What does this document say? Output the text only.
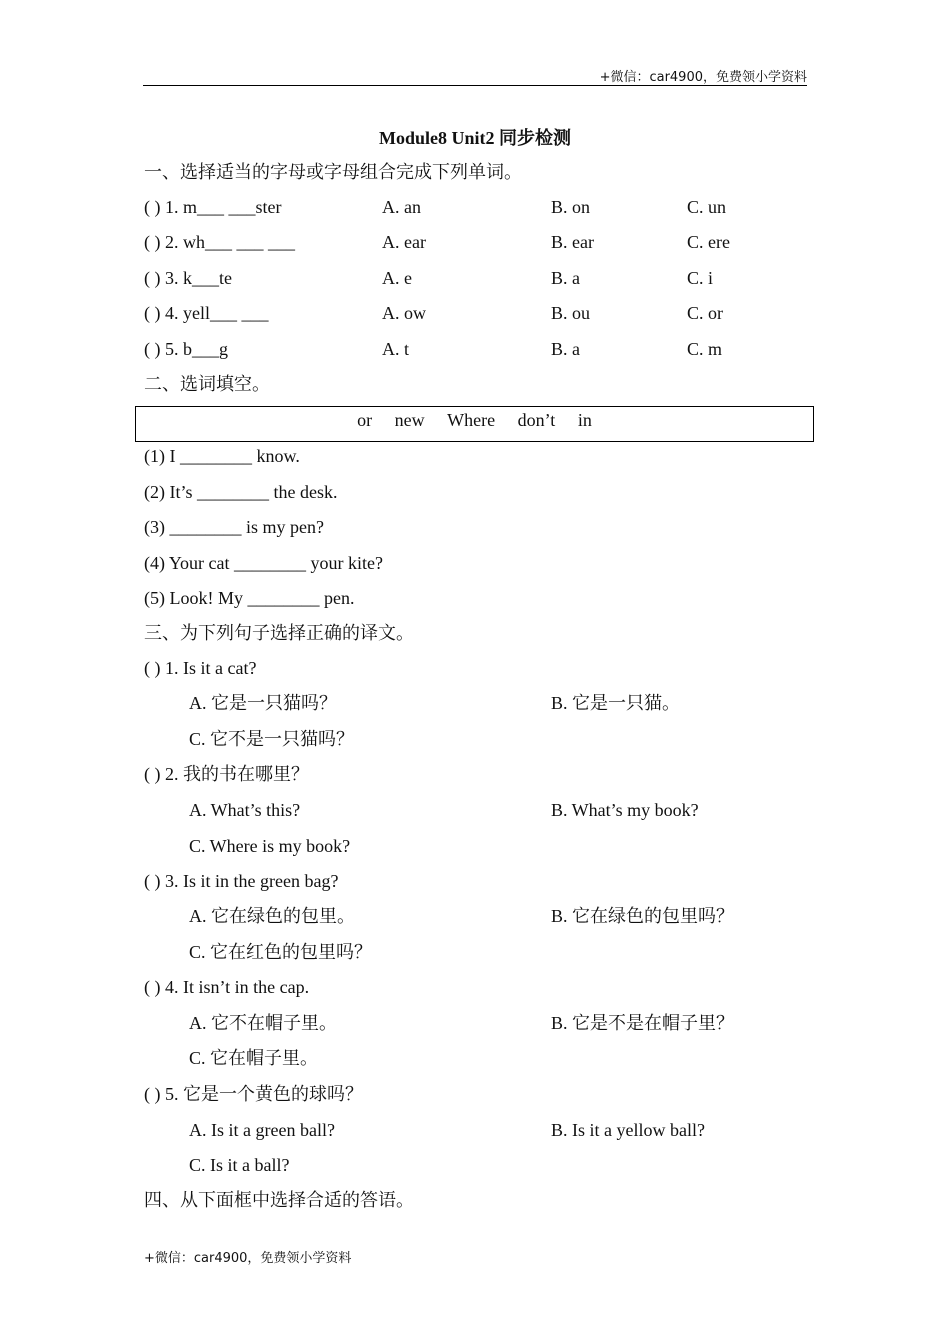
+微信：car4900，免费领小学资料
Module8 Unit2 同步检测
一、选择适当的字母或字母组合完成下列单词。
( ) 1. m___ ___ster	A. an	B. on	C. un
( ) 2. wh___ ___ ___	A. ear	B. ear	C. ere
( ) 3. k___te	A. e	B. a	C. i
( ) 4. yell___ ___	A. ow	B. ou	C. or
( ) 5. b___g	A. t	B. a	C. m
二、选词填空。
or new Where don’t in
(1) I ________ know.
(2) It’s ________ the desk.
(3) ________ is my pen?
(4) Your cat ________ your kite?
(5) Look! My ________ pen.
三、为下列句子选择正确的译文。
( ) 1. Is it a cat?
A. 它是一只猫吗？	B. 它是一只猫。
C. 它不是一只猫吗？
( ) 2. 我的书在哪里？
A. What’s this?	B. What’s my book?
C. Where is my book?
( ) 3. Is it in the green bag?
A. 它在绿色的包里。	B. 它在绿色的包里吗？
C. 它在红色的包里吗？
( ) 4. It isn’t in the cap.
A. 它不在帽子里。	B. 它是不是在帽子里？
C. 它在帽子里。
( ) 5. 它是一个黄色的球吗？
A. Is it a green ball?	B. Is it a yellow ball?
C. Is it a ball?
四、从下面框中选择合适的答语。
+微信：car4900，免费领小学资料
